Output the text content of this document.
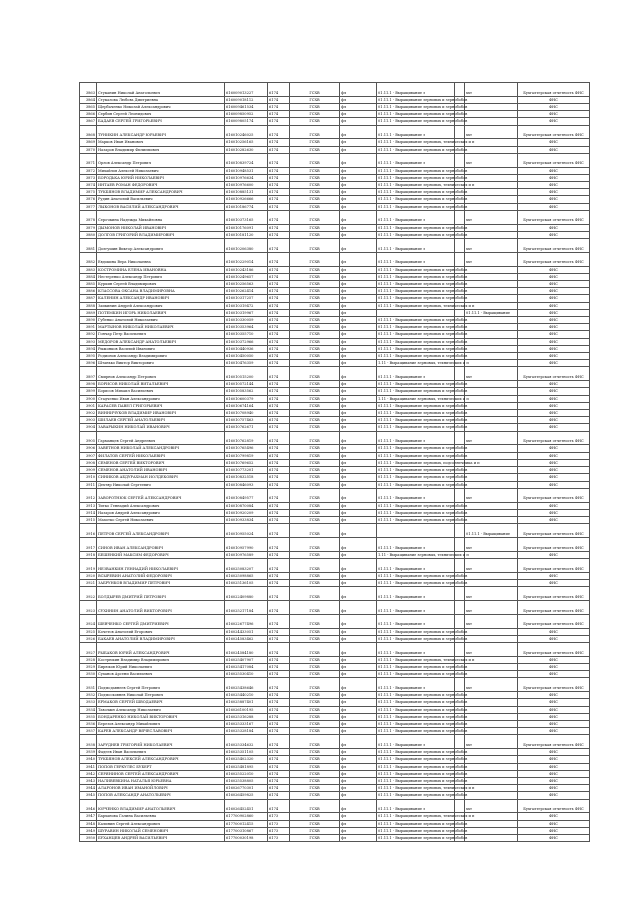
3863	Стуканин Николай Анатольевич	616009013227	6174	ГСХВ	фл	01.11.1 - Выращивание з		ххт	Бухгалтерская отчетность ФНС
3864	Стукалова Любовь Дмитриевна	616009018112	6174	ГСХВ	фл	01.11.1 - Выращивание зерновых и зернобобов			ФНС
3865	Щербаченко Николай Александрович	616009461534	6174	ГСХВ	фл	01.11.1 - Выращивание зерновых и зернобобов			ФНС
3866	Сербин Сергей Леонидович	616009850952	6174	ГСХВ	фл	01.11.1 - Выращивание зерновых и зернобобов			ФНС
3867	БАДАЕВ СЕРГЕЙ ГРИГОРЬЕВИЧ	616009805174	6174	ГСХВ	фл	01.11.1 - Выращивание зерновых и зернобобов			ФНС
3868	ТУНИКИН АЛЕКСАНДР ЮРЬЕВИЧ	616010246025	6174	ГСХВ	фл	01.11.1 - Выращивание з		ххт	Бухгалтерская отчетность ФНС
3869	Марков Иван Иванович	616010256165	6174	ГСХВ	фл	01.11.1 - Выращивание зерновых, технических и п			ФНС
3870	Назаров Владимир Филиппович	616010282630	6174	ГСХВ	фл	01.11.1 - Выращивание зерновых и зернобобов			ФНС
3871	Орлов Александр Петрович	616010839724	6174	ГСХВ	фл	01.11.1 - Выращивание з		ххт	Бухгалтерская отчетность ФНС
3872	Михайлов Алексей Николаевич	616010948531	6174	ГСХВ	фл	01.11.1 - Выращивание зерновых и зернобобов			ФНС
3873	БОРОДЬКА ЮРИЙ НИКОЛАЕВИЧ	616010976634	6174	ГСХВ	фл	01.11.1 - Выращивание зерновых и зернобобов			ФНС
3874	ИНТАЕВ РОМАН ФЕДОРОВИЧ	616010976600	6174	ГСХВ	фл	01.11.1 - Выращивание зерновых, технических и п			ФНС
3875	ТУКБЯНОВ ВЛАДИМИР АЛЕКСАНДРОВИЧ	616010885131	6174	ГСХВ	фл	01.11.1 - Выращивание зерновых и зернобобов			ФНС
3876	Рудин Анатолий Васильевич	616010926666	6174	ГСХВ	фл	01.11.1 - Выращивание зерновых и зернобобов			ФНС
3877	ЛЫКОНОВ ВАСИЛИЙ АЛЕКСАНДРОВИЧ	616010186774	6174	ГСХВ	фл	01.11.1 - Выращивание зерновых и зернобобов			ФНС
3878	Серочкина Надежда Михайловна	616010373165	6174	ГСХВ	фл	01.11.1 - Выращивание з		ххт	Бухгалтерская отчетность ФНС
3879	ДЫМОНОВ НИКОЛАЙ ИВАНОВИЧ	616010176091	6174	ГСХВ	фл	01.11.1 - Выращивание зерновых и зернобобов			ФНС
3880	ДОЛГОВ ГРИГОРИЙ ВЛАДИМИРОВИЧ	616010181120	6174	ГСХВ	фл	01.11.1 - Выращивание зерновых и зернобобов			ФНС
3881	Долгушин Виктор Александрович	616010206380	6174	ГСХВ	фл	01.11.1 - Выращивание з		ххт	Бухгалтерская отчетность ФНС
3882	Евдокина Вера Николаевна	616010229014	6174	ГСХВ	фл	01.11.1 - Выращивание з		ххт	Бухгалтерская отчетность ФНС
3883	КОСТРОМИНА ЕЛЕНА ИВАНОВНА	616010243186	6174	ГСХВ	фл	01.11.1 - Выращивание зерновых и зернобобов			ФНС
3884	Нестеренко Александр Петрович	616010249657	6174	ГСХВ	фл	01.11.1 - Выращивание зерновых и зернобобов			ФНС
3885	Куркин Сергей Владимирович	616010256563	6174	ГСХВ	фл	01.11.1 - Выращивание зерновых и зернобобов			ФНС
3886	КЛАССОВА ОКСАНА ВЛАДИМИРОВНА	616010262414	6174	ГСХВ	фл	01.11.1 - Выращивание зерновых и зернобобов			ФНС
3887	КАЛЕНИН АЛЕКСАНДР ИВАНОВИЧ	616010317257	6174	ГСХВ	фл	01.11.1 - Выращивание зерновых и зернобобов			ФНС
3888	Заикинин Андрей Александрович	616010319472	6174	ГСХВ	фл	01.11.1 - Выращивание зерновых, технических и п			ФНС
3889	ПОТЕМКИН ИГОРЬ НИКОЛАЕВИЧ	616010319967	6174	ГСХВ	фл			01.11.1 - Выращивание	ФНС
3890	Губенко Анатолий Николаевич	616010330059	6174	ГСХВ	фл	01.11.1 - Выращивание зерновых и зернобобов			ФНС
3891	МАРТЫНОВ НИКОЛАЙ НИКОЛАЕВИЧ	616010353964	6174	ГСХВ	фл	01.11.1 - Выращивание зерновых и зернобобов			ФНС
3892	Гончар Петр Васильевич	616010355710	6174	ГСХВ	фл	01.11.1 - Выращивание зерновых и зернобобов			ФНС
3893	МЕДОРОВ АЛЕКСАНДР АНАТОЛЬЕВИЧ	616010372966	6174	ГСХВ	фл	01.11.1 - Выращивание зерновых и зернобобов			ФНС
3894	Рыжонков Василий Иванович	616010440936	6174	ГСХВ	фл	01.11.1 - Выращивание зерновых и зернобобов			ФНС
3895	Родионов Александр Владимирович	616010450050	6174	ГСХВ	фл	01.11.1 - Выращивание зерновых и зернобобов			ФНС
3896	Штанько Виктор Викторович	616010476359	6174	ГСХВ	фл	1.11 - Выращивание зерновых, технических и п			ФНС
3897	Смирнов Александр Петрович	616010515200	6174	ГСХВ	фл	01.11.1 - Выращивание з		ххт	Бухгалтерская отчетность ФНС
3898	БОРИСОВ НИКОЛАЙ ВИТАЛЬЕВИЧ	616010572144	6174	ГСХВ	фл	01.11.1 - Выращивание зерновых и зернобобов			ФНС
3899	Борисов Михаил Васильевич	616010583562	6174	ГСХВ	фл	01.11.1 - Выращивание зерновых и зернобобов			ФНС
3900	Стадченко Иван Александрович	616010600379	6174	ГСХВ	фл	1.11 - Выращивание зерновых, технических и п			ФНС
3901	КАРАСЕВ ПАВЕЛ ГРИГОРЬЕВИЧ	616010674164	6174	ГСХВ	фл	01.11.1 - Выращивание зерновых и зернобобов			ФНС
3902	ВИННИЧУКОВ ВЛАДИМИР ИВАНОВИЧ	616010708940	6174	ГСХВ	фл	01.11.1 - Выращивание зерновых и зернобобов			ФНС
3903	ШИЛАЕВ СЕРГЕЙ АНАТОЛЬЕВИЧ	616010757463	6174	ГСХВ	фл	01.11.1 - Выращивание зерновых и зернобобов			ФНС
3904	ЗАВАРЫКИН НИКОЛАЙ ИВАНОВИЧ	616010762671	6174	ГСХВ	фл	01.11.1 - Выращивание зерновых и зернобобов			ФНС
3905	Гарманцев Сергей Андреевич	616010762819	6174	ГСХВ	фл	01.11.1 - Выращивание з		ххт	Бухгалтерская отчетность ФНС
3906	ЗАВЕТНОВ НИКОЛАЙ АЛЕКСАНДРОВИЧ	616010765496	6174	ГСХВ	фл	01.11.1 - Выращивание зерновых и зернобобов			ФНС
3907	ФИЛАТОВ СЕРГЕЙ НИКОЛАЕВИЧ	616010799819	6174	ГСХВ	фл	01.11.1 - Выращивание зерновых и зернобобов			ФНС
3908	СЕМЕНОВ СЕРГЕЙ ВИКТОРОВИЧ	616010769652	6174	ГСХВ	фл	01.11.1 - Выращивание зерновых, подсолнечника и п			ФНС
3909	СЕМЕНОВ АНАТОЛИЙ ИВАНОВИЧ	616010773201	6174	ГСХВ	фл	01.11.1 - Выращивание зерновых и зернобобов			ФНС
3910	СИНИКОВ АБДУРАХМАН ИОЛДЕКОВИЧ	616010832518	6174	ГСХВ	фл	01.11.1 - Выращивание зерновых и зернобобов			ФНС
3911	Дехтяр Николай Сергеевич	616010846093	6174	ГСХВ	фл	01.11.1 - Выращивание зерновых и зернобобов			ФНС
3912	ЗАВОРОТНЮК СЕРГЕЙ АЛЕКСАНДРОВИЧ	616010849577	6174	ГСХВ	фл	01.11.1 - Выращивание з		ххт	Бухгалтерская отчетность ФНС
3913	Титко Геннадий Александрович	616010870084	6174	ГСХВ	фл	01.11.1 - Выращивание зерновых и зернобобов			ФНС
3914	Назаров Андрей Александрович	616010920209	6174	ГСХВ	фл	01.11.1 - Выращивание зерновых и зернобобов			ФНС
3915	Махотко Сергей Николаевич	616010933834	6174	ГСХВ	фл	01.11.1 - Выращивание зерновых и зернобобов			ФНС
3916	ПЕТРОВ СЕРГЕЙ АЛЕКСАНДРОВИЧ	616010955024	6174	ГСХВ	фл			01.11.1 - Выращивание	Бухгалтерская отчетность ФНС
3917	СИНОВ ИВАН АЛЕКСАНДРОВИЧ	616010957990	6174	ГСХВ	фл	01.11.1 - Выращивание з		ххт	Бухгалтерская отчетность ФНС
3918	БЕШЕНКИЙ МАКСИМ ФЕДОРОВИЧ	616010976589	6174	ГСХВ	фл	1.11 - Выращивание зерновых, технических и п			ФНС
3919	НЕЗВАНКИН ГЕННАДИЙ НИКОЛАЕВИЧ	616025083207	6174	ГСХВ	фл	01.11.1 - Выращивание з		ххт	Бухгалтерская отчетность ФНС
3920	ВСЫРЕВИН АНАТОЛИЙ ФЕДОРОВИЧ	616025098865	6174	ГСХВ	фл	01.11.1 - Выращивание зерновых и зернобобов			ФНС
3921	ЗАБРУНКОВ ВЛАДИМИР ПЕТРОВИЧ	616025136105	6174	ГСХВ	фл	01.11.1 - Выращивание зерновых и зернобобов			ФНС
3922	БОЛДЫРЕВ ДМИТРИЙ ПЕТРОВИЧ	616022409880	6174	ГСХВ	фл	01.11.1 - Выращивание з		ххт	Бухгалтерская отчетность ФНС
3923	СУХИНИН АНАТОЛИЙ ВИКТОРОВИЧ	616025217184	6174	ГСХВ	фл	01.11.1 - Выращивание з		ххт	Бухгалтерская отчетность ФНС
3924	ШЕВЧЕНКО СЕРГЕЙ ДМИТРИЕВИЧ	616022677496	6174	ГСХВ	фл	01.11.1 - Выращивание з		ххт	Бухгалтерская отчетность ФНС
3925	Кочетов Анатолий Егорович	616024433051	6174	ГСХВ	фл	01.11.1 - Выращивание зерновых и зернобобов			ФНС
3926	БАКАЕВ АНАТОЛИЙ ВЛАДИМИРОВИЧ	616024583462	6174	ГСХВ	фл	01.11.1 - Выращивание зерновых и зернобобов			ФНС
3927	РЫБАКОВ ЮРИЙ АЛЕКСАНДРОВИЧ	616024584180	6174	ГСХВ	фл	01.11.1 - Выращивание з		ххт	Бухгалтерская отчетность ФНС
3928	Кострюкин Владимир Владимирович	616025407907	6174	ГСХВ	фл	01.11.1 - Выращивание зерновых, технических и п			ФНС
3929	Бирюков Юрий Николаевич	616025417084	6174	ГСХВ	фл	01.11.1 - Выращивание зерновых и зернобобов			ФНС
3930	Суханов Арсени Васильевич	616025530410	6174	ГСХВ	фл	01.11.1 - Выращивание зерновых и зернобобов			ФНС
3931	Подмодавнеев Сергей Петрович	616025438646	6174	ГСХВ	фл	01.11.1 - Выращивание з		ххт	Бухгалтерская отчетность ФНС
3932	Подмосковнев Николай Петрович	616025440210	6174	ГСХВ	фл	01.11.1 - Выращивание зерновых и зернобобов			ФНС
3933	ЕРМАКОВ СЕРГЕЙ ШВОДАЕВИЧ	616025887401	6174	ГСХВ	фл	01.11.1 - Выращивание зерновых и зернобобов			ФНС
3934	Таволжн Александр Николаевич	616026100195	6174	ГСХВ	фл	01.11.1 - Выращивание зерновых и зернобобов			ФНС
3935	БОНДАРЕНКО НИКОЛАЙ ВИКТОРОВИЧ	616025316288	6174	ГСХВ	фл	01.11.1 - Выращивание зерновых и зернобобов			ФНС
3936	Березов Александр Михайлович	616025333167	6174	ГСХВ	фл	01.11.1 - Выращивание зерновых и зернобобов			ФНС
3937	КАРЕВ АЛЕКСАНДР ВЯЧЕСЛАВОВИЧ	616025328184	6174	ГСХВ	фл	01.11.1 - Выращивание зерновых и зернобобов			ФНС
3938	ЗАРУДНЕВ ГРИГОРИЙ НИКОЛАЕВИЧ	616025334632	6174	ГСХВ	фл	01.11.1 - Выращивание з		ххт	Бухгалтерская отчетность ФНС
3939	Фадеев Иван Васильевич	616025351105	6174	ГСХВ	фл	01.11.1 - Выращивание зерновых и зернобобов			ФНС
3940	ТУКБЯНОВ АЛЕКСЕЙ АЛЕКСАНДРОВИЧ	616025402320	6174	ГСХВ	фл	01.11.1 - Выращивание зерновых и зернобобов			ФНС
3941	ПОПОВ ГЕРКУЛЕС БУБЕРТ	616025481895	6174	ГСХВ	фл	01.11.1 - Выращивание зерновых и зернобобов			ФНС
3942	СЕРЯНИНОВ СЕРГЕЙ АЛЕКСАНДРОВИЧ	616025522010	6174	ГСХВ	фл	01.11.1 - Выращивание зерновых и зернобобов			ФНС
3943	НАЛИВЕВКИНА НАТАЛЬЯ ЮРЬЕВНА	616025538805	6174	ГСХВ	фл	01.11.1 - Выращивание зерновых и зернобобов			ФНС
3944	АЛАРОНОВ ИВАН ИМАНОЙЛОВИЧ	616026770301	6174	ГСХВ	фл	01.11.1 - Выращивание зерновых, технических и п			ФНС
3945	ПОПОВ АЛЕКСАНДР АНАТОЛЬЕВИЧ	616026459825	6174	ГСХВ	фл	01.11.1 - Выращивание зерновых и зернобобов			ФНС
3946	ЮРЧЕНКО ВЛАДИМИР АНАТОЛЬЕВИЧ	616026452451	6174	ГСХВ	фл	01.11.1 - Выращивание з		ххт	Бухгалтерская отчетность ФНС
3947	Барханова Галина Васильевна	617700902860	6173	ГСХВ	фл	01.11.1 - Выращивание зерновых, технических и п			ФНС
3948	Калинин Сергей Александрович	617700012415	6173	ГСХВ	фл	01.11.1 - Выращивание зерновых и зернобобов			ФНС
3949	ШУРАВИН НИКОЛАЙ СЕМЕНОВИЧ	617700310867	6173	ГСХВ	фл	01.11.1 - Выращивание зерновых и зернобобов			ФНС
3950	БУХАНЦЕВ АНДРЕЙ ВАСИЛЬЕВИЧ	617700030198	6173	ГСХВ	фл	01.11.1 - Выращивание зерновых и зернобобов			ФНС
